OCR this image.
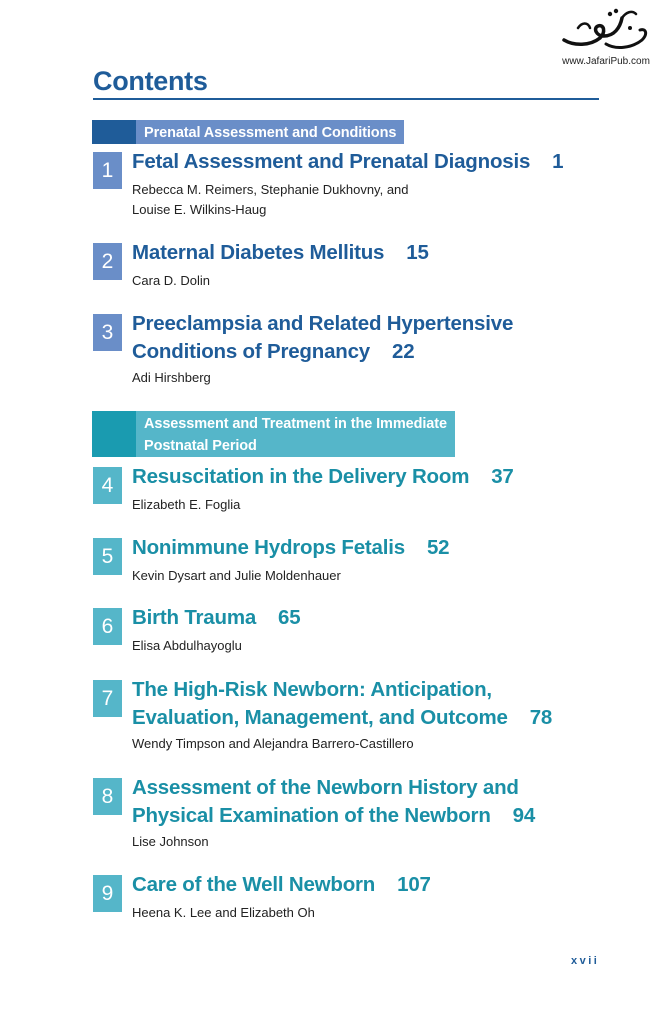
www.JafariPub.com
Contents
Prenatal Assessment and Conditions
1 Fetal Assessment and Prenatal Diagnosis 1
Rebecca M. Reimers, Stephanie Dukhovny, and
Louise E. Wilkins-Haug
2 Maternal Diabetes Mellitus 15
Cara D. Dolin
3 Preeclampsia and Related Hypertensive
Conditions of Pregnancy 22
Adi Hirshberg
Assessment and Treatment in the Immediate
Postnatal Period
4 Resuscitation in the Delivery Room 37
Elizabeth E. Foglia
5 Nonimmune Hydrops Fetalis 52
Kevin Dysart and Julie Moldenhauer
6 Birth Trauma 65
Elisa Abdulhayoglu
7 The High-Risk Newborn: Anticipation,
Evaluation, Management, and Outcome 78
Wendy Timpson and Alejandra Barrero-Castillero
8 Assessment of the Newborn History and
Physical Examination of the Newborn 94
Lise Johnson
9 Care of the Well Newborn 107
Heena K. Lee and Elizabeth Oh
xvii
